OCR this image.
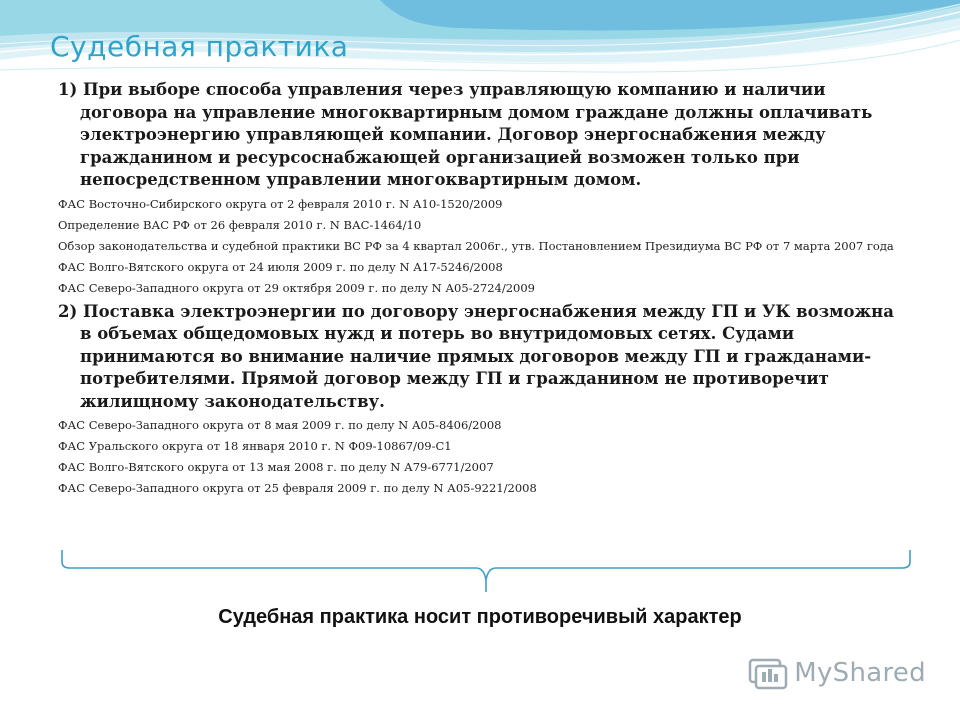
Судебная практика

1) При выборе способа управления через управляющую компанию и наличии договора на управление многоквартирным домом граждане должны оплачивать электроэнергию управляющей компании. Договор энергоснабжения между гражданином и ресурсоснабжающей организацией возможен только при непосредственном управлении многоквартирным домом.

ФАС Восточно-Сибирского округа от 2 февраля 2010 г. N А10-1520/2009
Определение ВАС РФ от 26 февраля 2010 г. N ВАС-1464/10
Обзор законодательства и судебной практики ВС РФ за 4 квартал 2006г., утв. Постановлением Президиума ВС РФ от 7 марта 2007 года
ФАС Волго-Вятского округа от 24 июля 2009 г. по делу N А17-5246/2008
ФАС Северо-Западного округа от 29 октября 2009 г. по делу N А05-2724/2009

2) Поставка электроэнергии по договору энергоснабжения между ГП и УК возможна в объемах общедомовых нужд и потерь во внутридомовых сетях. Судами принимаются во внимание наличие прямых договоров между ГП и гражданами-потребителями. Прямой договор между ГП и гражданином не противоречит жилищному законодательству.

ФАС Северо-Западного округа от 8 мая 2009 г. по делу N А05-8406/2008
ФАС Уральского округа от 18 января 2010 г. N Ф09-10867/09-С1
ФАС Волго-Вятского округа от 13 мая 2008 г. по делу N А79-6771/2007
ФАС Северо-Западного округа от 25 февраля 2009 г. по делу N А05-9221/2008
Судебная практика носит противоречивый характер
MyShared
